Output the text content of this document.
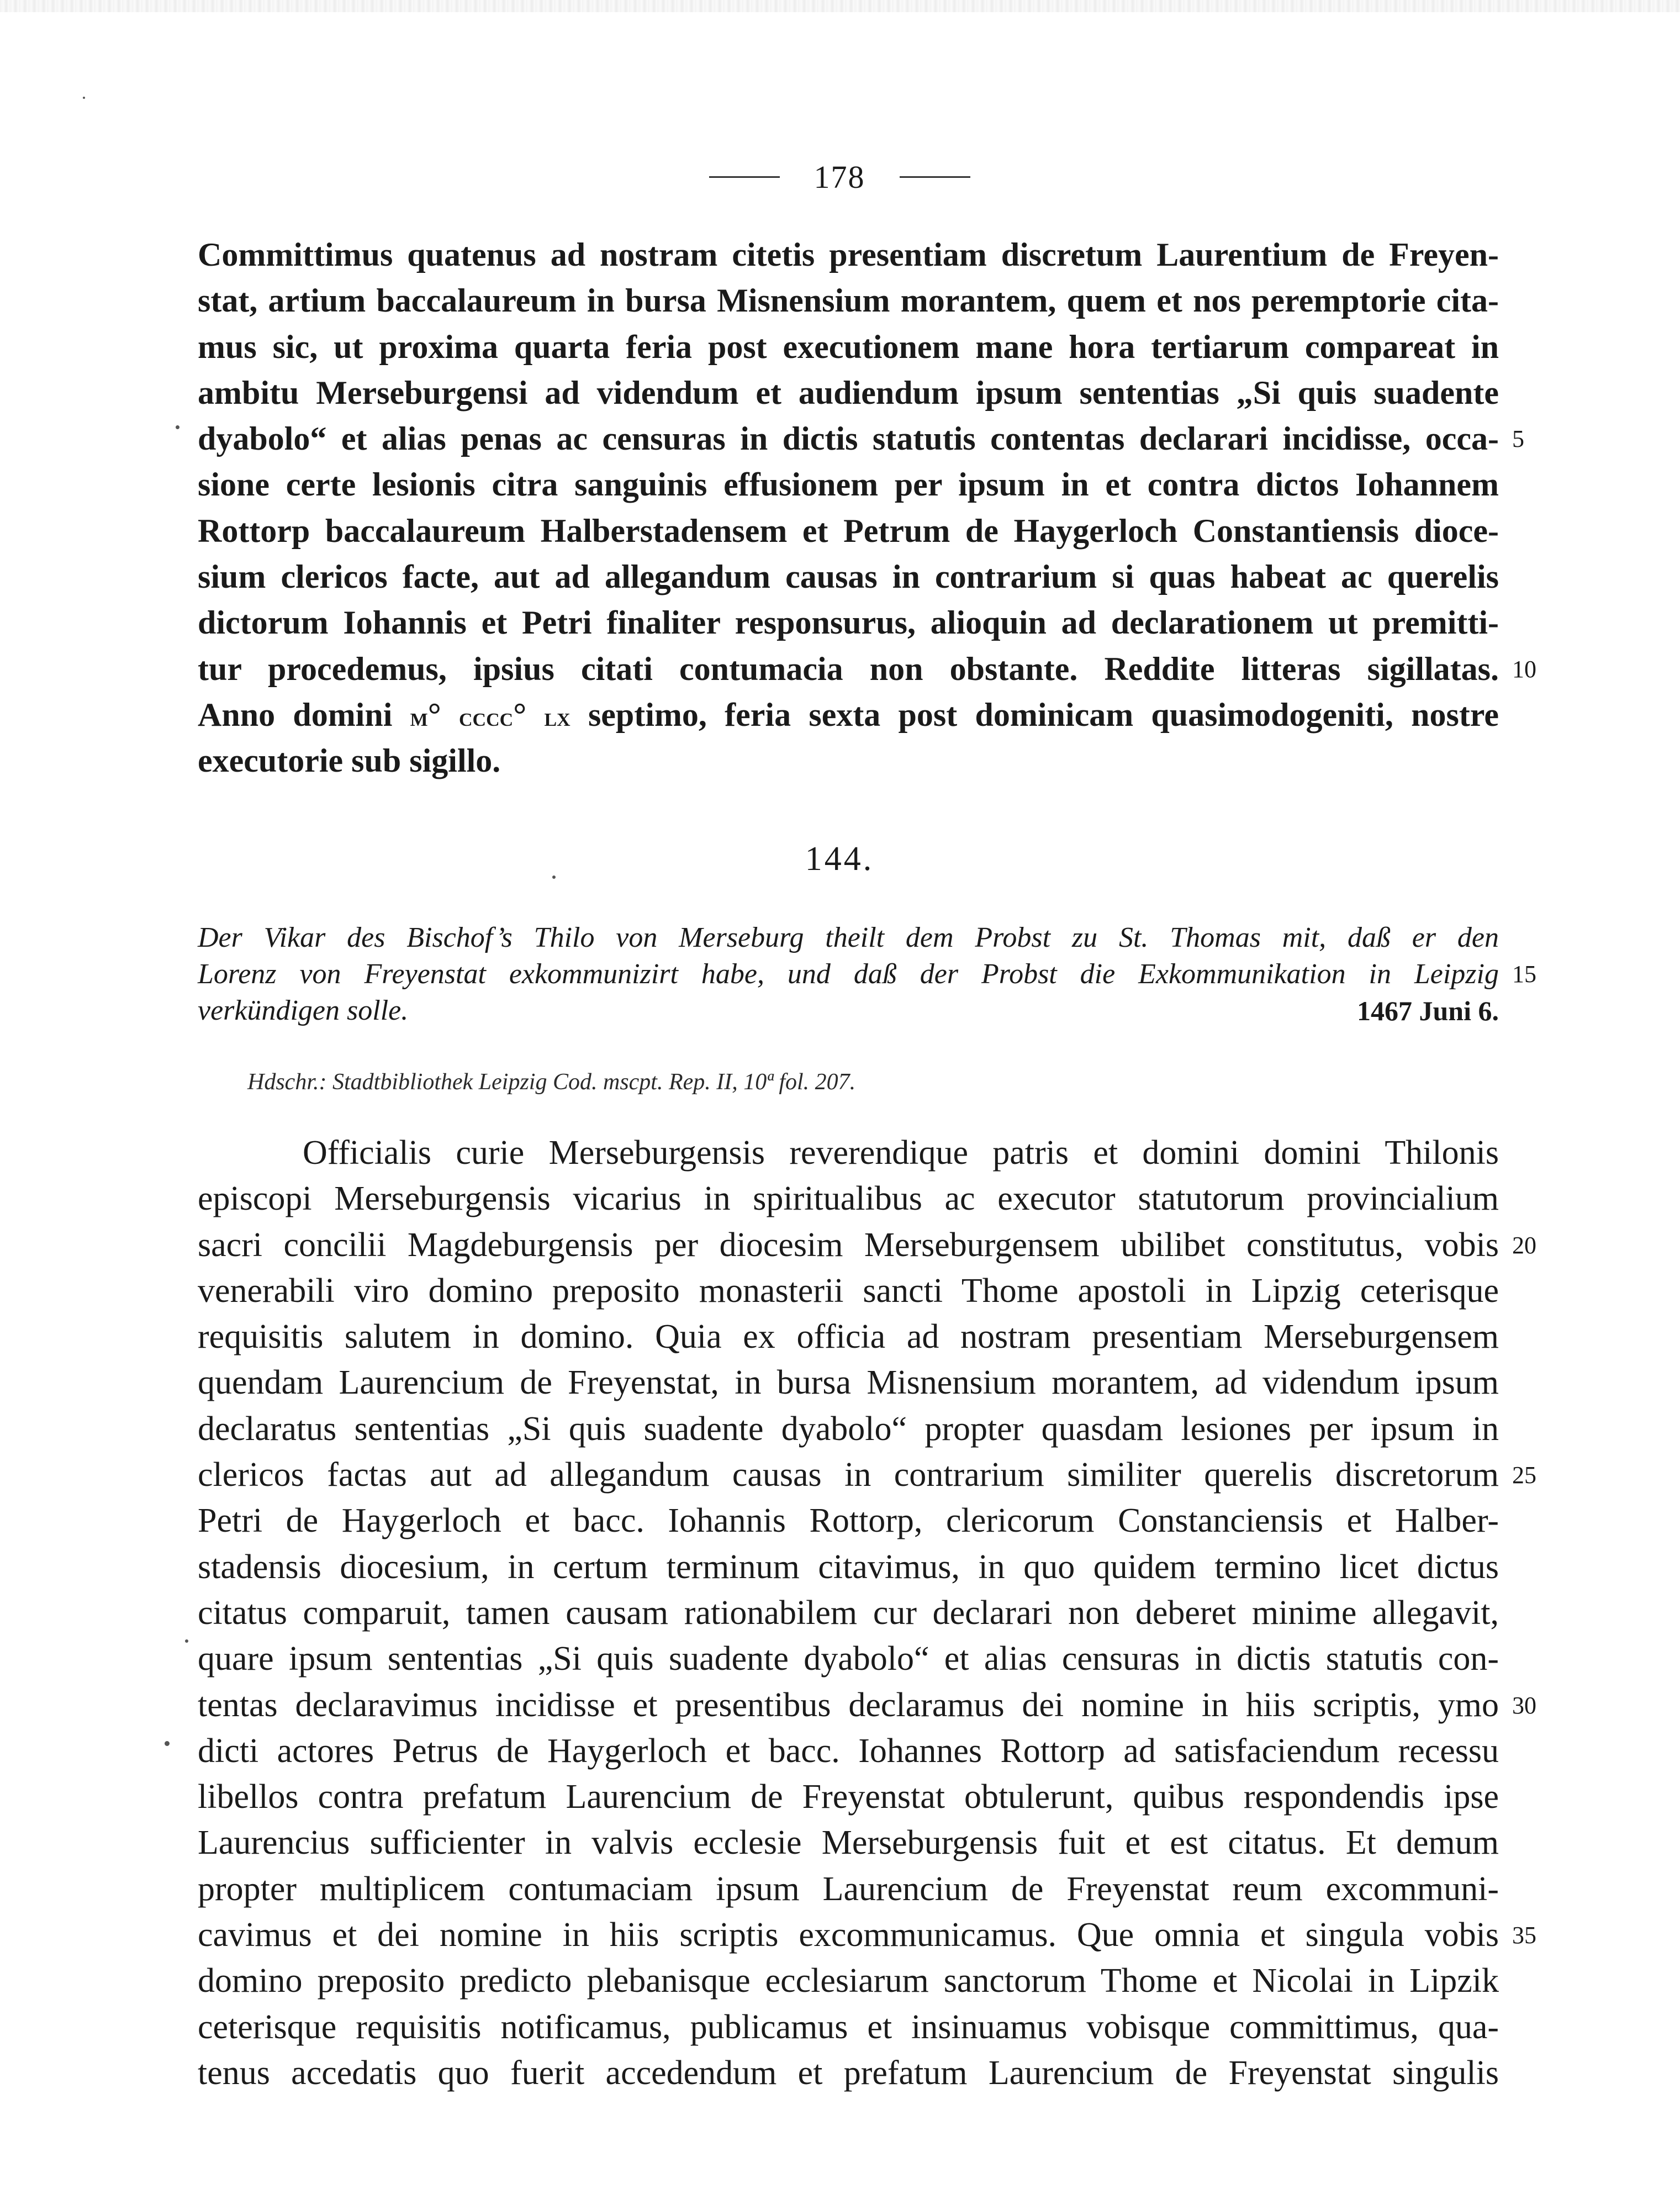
178
Committimus quatenus ad nostram citetis presentiam discretum Laurentium de Freyen-
stat, artium baccalaureum in bursa Misnensium morantem, quem et nos peremptorie cita-
mus sic, ut proxima quarta feria post executionem mane hora tertiarum compareat in
ambitu Merseburgensi ad videndum et audiendum ipsum sententias „Si quis suadente
dyabolo“ et alias penas ac censuras in dictis statutis contentas declarari incidisse, occa- 5
sione certe lesionis citra sanguinis effusionem per ipsum in et contra dictos Iohannem
Rottorp baccalaureum Halberstadensem et Petrum de Haygerloch Constantiensis dioce-
sium clericos facte, aut ad allegandum causas in contrarium si quas habeat ac querelis
dictorum Iohannis et Petri finaliter responsurus, alioquin ad declarationem ut premitti-
tur procedemus, ipsius citati contumacia non obstante. Reddite litteras sigillatas. 10
Anno domini m° cccc° lx septimo, feria sexta post dominicam quasimodogeniti, nostre
executorie sub sigillo.
144.
Der Vikar des Bischof’s Thilo von Merseburg theilt dem Probst zu St. Thomas mit, daß er den
Lorenz von Freyenstat exkommunizirt habe, und daß der Probst die Exkommunikation in Leipzig 15
verkündigen solle.	1467 Juni 6.
Hdschr.: Stadtbibliothek Leipzig Cod. mscpt. Rep. II, 10ª fol. 207.
Officialis curie Merseburgensis reverendique patris et domini domini Thilonis
episcopi Merseburgensis vicarius in spiritualibus ac executor statutorum provincialium
sacri concilii Magdeburgensis per diocesim Merseburgensem ubilibet constitutus, vobis 20
venerabili viro domino preposito monasterii sancti Thome apostoli in Lipzig ceterisque
requisitis salutem in domino. Quia ex officia ad nostram presentiam Merseburgensem
quendam Laurencium de Freyenstat, in bursa Misnensium morantem, ad videndum ipsum
declaratus sententias „Si quis suadente dyabolo“ propter quasdam lesiones per ipsum in
clericos factas aut ad allegandum causas in contrarium similiter querelis discretorum 25
Petri de Haygerloch et bacc. Iohannis Rottorp, clericorum Constanciensis et Halber-
stadensis diocesium, in certum terminum citavimus, in quo quidem termino licet dictus
citatus comparuit, tamen causam rationabilem cur declarari non deberet minime allegavit,
quare ipsum sententias „Si quis suadente dyabolo“ et alias censuras in dictis statutis con-
tentas declaravimus incidisse et presentibus declaramus dei nomine in hiis scriptis, ymo 30
dicti actores Petrus de Haygerloch et bacc. Iohannes Rottorp ad satisfaciendum recessu
libellos contra prefatum Laurencium de Freyenstat obtulerunt, quibus respondendis ipse
Laurencius sufficienter in valvis ecclesie Merseburgensis fuit et est citatus. Et demum
propter multiplicem contumaciam ipsum Laurencium de Freyenstat reum excommuni-
cavimus et dei nomine in hiis scriptis excommunicamus. Que omnia et singula vobis 35
domino preposito predicto plebanisque ecclesiarum sanctorum Thome et Nicolai in Lipzik
ceterisque requisitis notificamus, publicamus et insinuamus vobisque committimus, qua-
tenus accedatis quo fuerit accedendum et prefatum Laurencium de Freyenstat singulis
